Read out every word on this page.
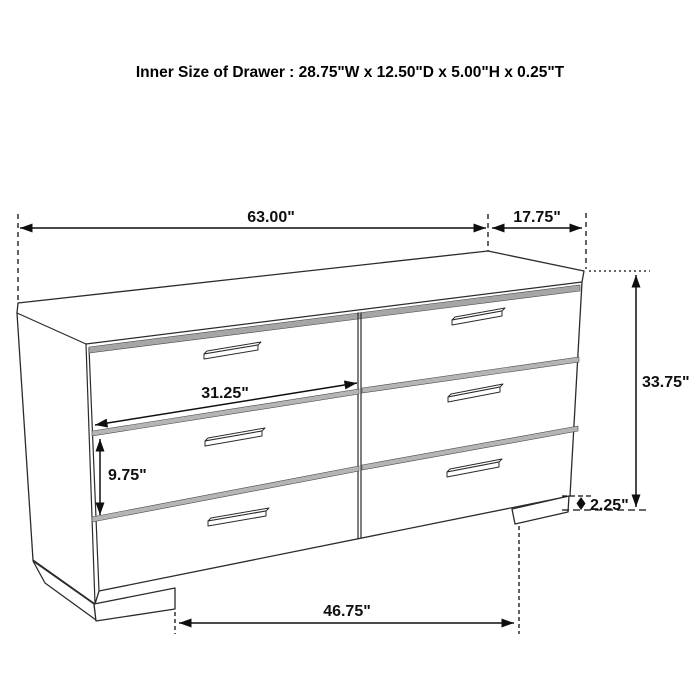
Inner Size of Drawer : 28.75"W x 12.50"D x 5.00"H x 0.25"T
63.00"	17.75"
33.75"
31.25"
9.75"
2.25"
46.75"
